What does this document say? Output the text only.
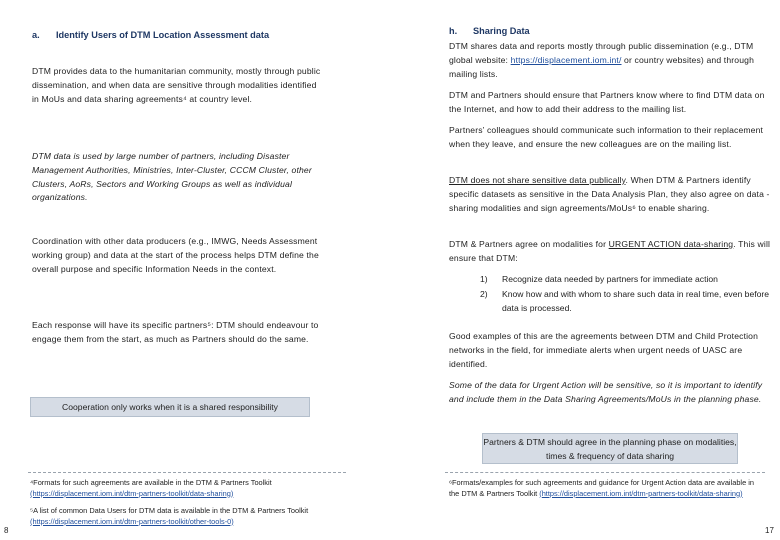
a. Identify Users of DTM Location Assessment data
DTM provides data to the humanitarian community, mostly through public dissemination, and when data are sensitive through modalities identified in MoUs and data sharing agreements⁴ at country level.
DTM data is used by large number of partners, including Disaster Management Authorities, Ministries, Inter-Cluster, CCCM Cluster, other Clusters, AoRs, Sectors and Working Groups as well as individual organizations.
Coordination with other data producers (e.g., IMWG, Needs Assessment working group) and data at the start of the process helps DTM define the overall purpose and specific Information Needs in the context.
Each response will have its specific partners⁵: DTM should endeavour to engage them from the start, as much as Partners should do the same.
Cooperation only works when it is a shared responsibility
⁴Formats for such agreements are available in the DTM & Partners Toolkit
(https://displacement.iom.int/dtm-partners-toolkit/data-sharing)
⁵A list of common Data Users for DTM data is available in the DTM & Partners Toolkit (https://displacement.iom.int/dtm-partners-toolkit/other-tools-0)
8
h. Sharing Data
DTM shares data and reports mostly through public dissemination (e.g., DTM global website: https://displacement.iom.int/ or country websites) and through mailing lists.
DTM and Partners should ensure that Partners know where to find DTM data on the Internet, and how to add their address to the mailing list.
Partners’ colleagues should communicate such information to their replacement when they leave, and ensure the new colleagues are on the mailing list.
DTM does not share sensitive data publically. When DTM & Partners identify specific datasets as sensitive in the Data Analysis Plan, they also agree on data - sharing modalities and sign agreements/MoUs⁶ to enable sharing.
DTM & Partners agree on modalities for URGENT ACTION data-sharing. This will ensure that DTM:
1) Recognize data needed by partners for immediate action
2) Know how and with whom to share such data in real time, even before data is processed.
Good examples of this are the agreements between DTM and Child Protection networks in the field, for immediate alerts when urgent needs of UASC are identified.
Some of the data for Urgent Action will be sensitive, so it is important to identify and include them in the Data Sharing Agreements/MoUs in the planning phase.
Partners & DTM should agree in the planning phase on modalities, times & frequency of data sharing
⁶Formats/examples for such agreements and guidance for Urgent Action data are available in the DTM & Partners Toolkit (https://displacement.iom.int/dtm-partners-toolkit/data-sharing)
17
